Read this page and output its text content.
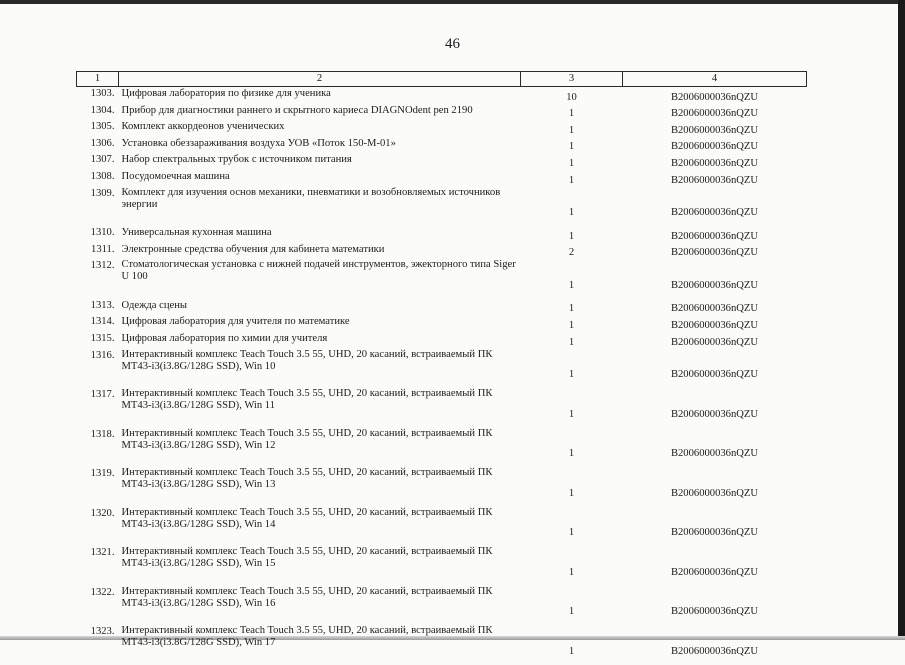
46
1	2	3	4
1303.	Цифровая лаборатория по физике для ученика	10	B2006000036nQZU
1304.	Прибор для диагностики раннего и скрытного кариеса DIAGNOdent pen 2190	1	B2006000036nQZU
1305.	Комплект аккордеонов ученических	1	B2006000036nQZU
1306.	Установка обеззараживания воздуха УОВ «Поток 150-М-01»	1	B2006000036nQZU
1307.	Набор спектральных трубок с источником питания	1	B2006000036nQZU
1308.	Посудомоечная машина	1	B2006000036nQZU
1309.	Комплект для изучения основ механики, пневматики и возобновляемых источников энергии	1	B2006000036nQZU
1310.	Универсальная кухонная машина	1	B2006000036nQZU
1311.	Электронные средства обучения для кабинета математики	2	B2006000036nQZU
1312.	Стоматологическая установка с нижней подачей инструментов, эжекторного типа Siger U 100	1	B2006000036nQZU
1313.	Одежда сцены	1	B2006000036nQZU
1314.	Цифровая лаборатория для учителя по математике	1	B2006000036nQZU
1315.	Цифровая лаборатория по химии для учителя	1	B2006000036nQZU
1316.	Интерактивный комплекс Teach Touch 3.5 55, UHD, 20 касаний, встраиваемый ПК MT43-i3(i3.8G/128G SSD), Win 10	1	B2006000036nQZU
1317.	Интерактивный комплекс Teach Touch 3.5 55, UHD, 20 касаний, встраиваемый ПК MT43-i3(i3.8G/128G SSD), Win 11	1	B2006000036nQZU
1318.	Интерактивный комплекс Teach Touch 3.5 55, UHD, 20 касаний, встраиваемый ПК MT43-i3(i3.8G/128G SSD), Win 12	1	B2006000036nQZU
1319.	Интерактивный комплекс Teach Touch 3.5 55, UHD, 20 касаний, встраиваемый ПК MT43-i3(i3.8G/128G SSD), Win 13	1	B2006000036nQZU
1320.	Интерактивный комплекс Teach Touch 3.5 55, UHD, 20 касаний, встраиваемый ПК MT43-i3(i3.8G/128G SSD), Win 14	1	B2006000036nQZU
1321.	Интерактивный комплекс Teach Touch 3.5 55, UHD, 20 касаний, встраиваемый ПК MT43-i3(i3.8G/128G SSD), Win 15	1	B2006000036nQZU
1322.	Интерактивный комплекс Teach Touch 3.5 55, UHD, 20 касаний, встраиваемый ПК MT43-i3(i3.8G/128G SSD), Win 16	1	B2006000036nQZU
1323.	Интерактивный комплекс Teach Touch 3.5 55, UHD, 20 касаний, встраиваемый ПК MT43-i3(i3.8G/128G SSD), Win 17	1	B2006000036nQZU
